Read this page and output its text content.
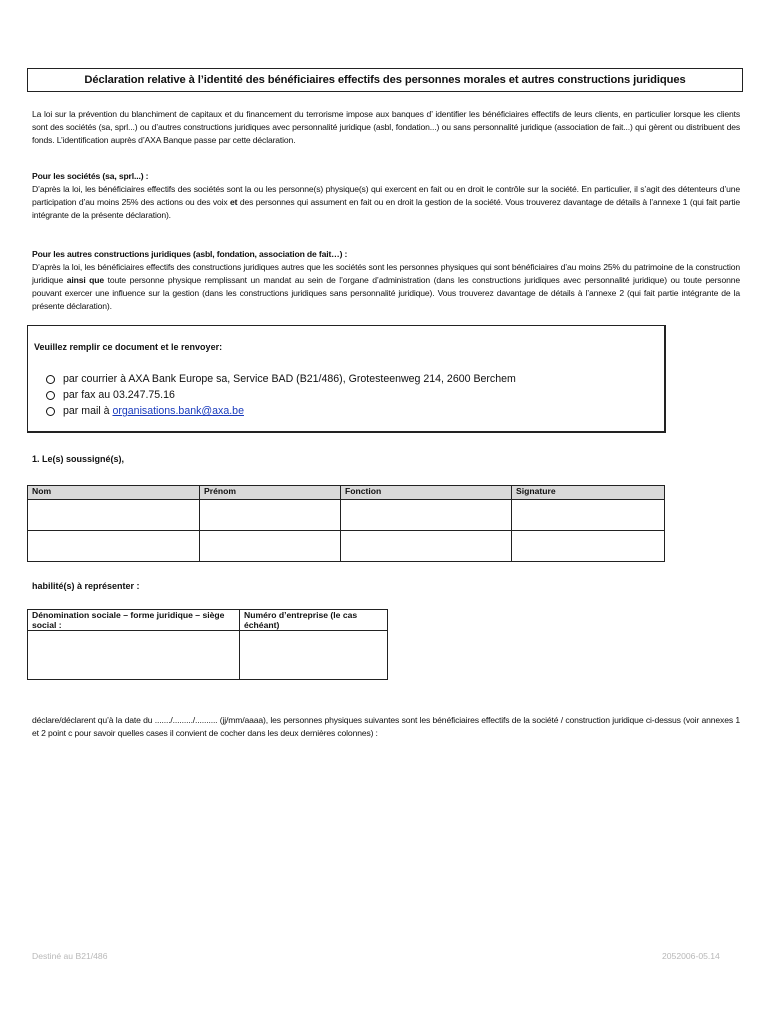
Déclaration relative à l’identité des bénéficiaires effectifs des personnes morales et autres constructions juridiques
La loi sur la prévention du blanchiment de capitaux et du financement du terrorisme impose aux banques d’ identifier les bénéficiaires effectifs de leurs clients, en particulier lorsque les clients sont des sociétés (sa, sprl...) ou d’autres constructions juridiques avec personnalité juridique (asbl, fondation...) ou sans personnalité juridique (association de fait...) qui gèrent ou distribuent des fonds. L’identification auprès d’AXA Banque passe par cette déclaration.
Pour les sociétés (sa, sprl...) :
D’après la loi, les bénéficiaires effectifs des sociétés sont la ou les personne(s) physique(s) qui exercent en fait ou en droit le contrôle sur la société. En particulier, il s’agit des détenteurs d’une participation d’au moins 25% des actions ou des voix et des personnes qui assument en fait ou en droit la gestion de la société. Vous trouverez davantage de détails à l’annexe 1 (qui fait partie intégrante de la présente déclaration).
Pour les autres constructions juridiques (asbl, fondation, association de fait…) :
D’après la loi, les bénéficiaires effectifs des constructions juridiques autres que les sociétés sont les personnes physiques qui sont bénéficiaires d’au moins 25% du patrimoine de la construction juridique ainsi que toute personne physique remplissant un mandat au sein de l’organe d’administration (dans les constructions juridiques avec personnalité juridique) ou toute personne pouvant exercer une influence sur la gestion (dans les constructions juridiques sans personnalité juridique). Vous trouverez davantage de détails à l’annexe 2 (qui fait partie intégrante de la présente déclaration).
Veuillez remplir ce document et le renvoyer:
par courrier à AXA Bank Europe sa, Service BAD (B21/486), Grotesteenweg 214, 2600 Berchem
par fax au 03.247.75.16
par mail à organisations.bank@axa.be
1. Le(s) soussigné(s),
Nom	Prénom	Fonction	Signature

habilité(s) à représenter :
Dénomination sociale – forme juridique – siège social :	Numéro d’entreprise (le cas échéant)

déclare/déclarent qu’à la date du ......./........./.......... (jj/mm/aaaa), les personnes physiques suivantes sont les bénéficiaires effectifs de la société / construction juridique ci-dessus (voir annexes 1 et 2 point c pour savoir quelles cases il convient de cocher dans les deux dernières colonnes) :
Destiné au B21/486	2052006-05.14
